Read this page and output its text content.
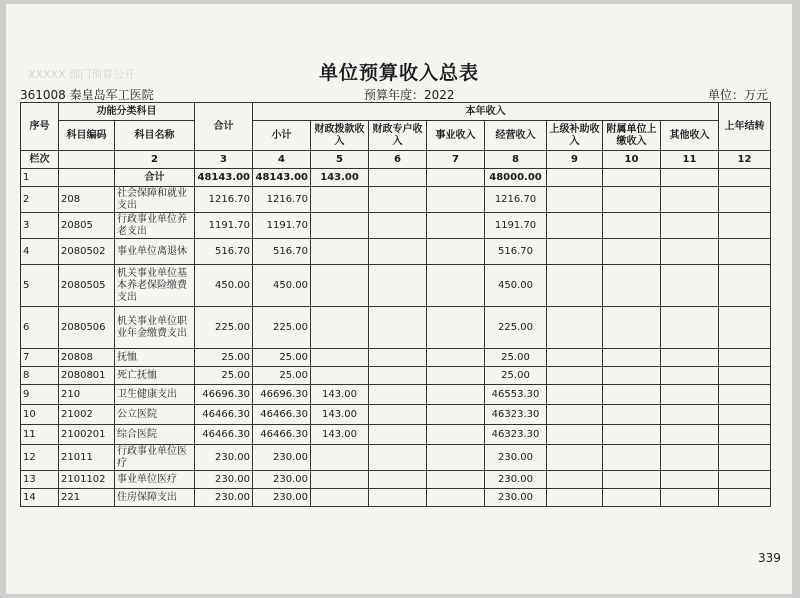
XXXXX 部门预算公开	单位预算收入总表
361008 秦皇岛军工医院	预算年度：2022	单位：万元
序号	功能分类科目		合计	本年收入								上年结转
	科目编码	科目名称		小计	财政拨款收入	财政专户收入	事业收入	经营收入	上级补助收入	附属单位上缴收入	其他收入	

栏次		2	3	4	5	6	7	8	9	10	11	12
1		合计	48143.00	48143.00	143.00			48000.00				
2	208	社会保障和就业支出	1216.70	1216.70				1216.70				
3	20805	行政事业单位养老支出	1191.70	1191.70				1191.70				
4	2080502	事业单位离退休	516.70	516.70				516.70				
5	2080505	机关事业单位基本养老保险缴费支出	450.00	450.00				450.00				
6	2080506	机关事业单位职业年金缴费支出	225.00	225.00				225.00				
7	20808	抚恤	25.00	25.00				25.00				
8	2080801	死亡抚恤	25.00	25.00				25.00				
9	210	卫生健康支出	46696.30	46696.30	143.00			46553.30				
10	21002	公立医院	46466.30	46466.30	143.00			46323.30				
11	2100201	综合医院	46466.30	46466.30	143.00			46323.30				
12	21011	行政事业单位医疗	230.00	230.00				230.00				
13	2101102	事业单位医疗	230.00	230.00				230.00				
14	221	住房保障支出	230.00	230.00				230.00				
339
